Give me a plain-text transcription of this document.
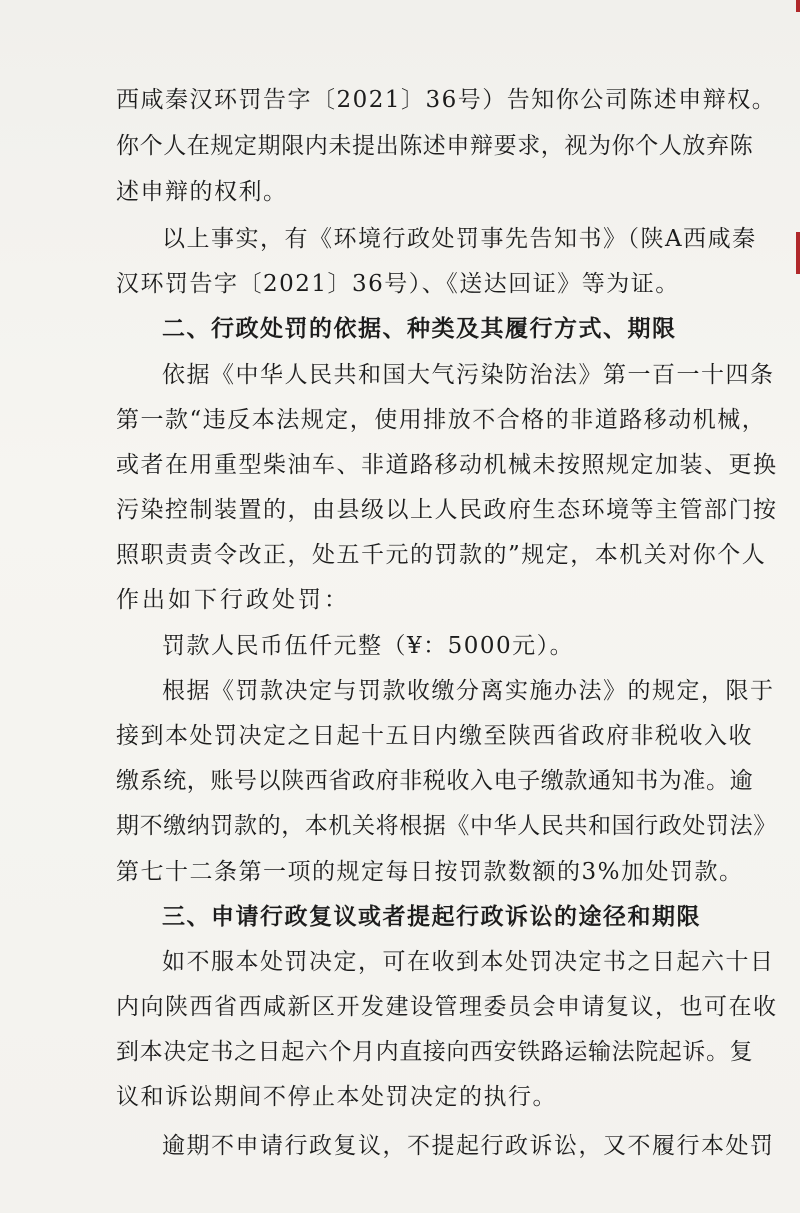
西咸秦汉环罚告字〔2021〕36号）告知你公司陈述申辩权。
你个人在规定期限内未提出陈述申辩要求，视为你个人放弃陈
述申辩的权利。
以上事实，有《环境行政处罚事先告知书》（陕A西咸秦
汉环罚告字〔2021〕36号）、《送达回证》等为证。
二、行政处罚的依据、种类及其履行方式、期限
依据《中华人民共和国大气污染防治法》第一百一十四条
第一款“违反本法规定，使用排放不合格的非道路移动机械，
或者在用重型柴油车、非道路移动机械未按照规定加装、更换
污染控制装置的，由县级以上人民政府生态环境等主管部门按
照职责责令改正，处五千元的罚款的”规定，本机关对你个人
作出如下行政处罚：
罚款人民币伍仟元整（¥：5000元）。
根据《罚款决定与罚款收缴分离实施办法》的规定，限于
接到本处罚决定之日起十五日内缴至陕西省政府非税收入收
缴系统，账号以陕西省政府非税收入电子缴款通知书为准。逾
期不缴纳罚款的，本机关将根据《中华人民共和国行政处罚法》
第七十二条第一项的规定每日按罚款数额的3%加处罚款。
三、申请行政复议或者提起行政诉讼的途径和期限
如不服本处罚决定，可在收到本处罚决定书之日起六十日
内向陕西省西咸新区开发建设管理委员会申请复议，也可在收
到本决定书之日起六个月内直接向西安铁路运输法院起诉。复
议和诉讼期间不停止本处罚决定的执行。
逾期不申请行政复议，不提起行政诉讼，又不履行本处罚
